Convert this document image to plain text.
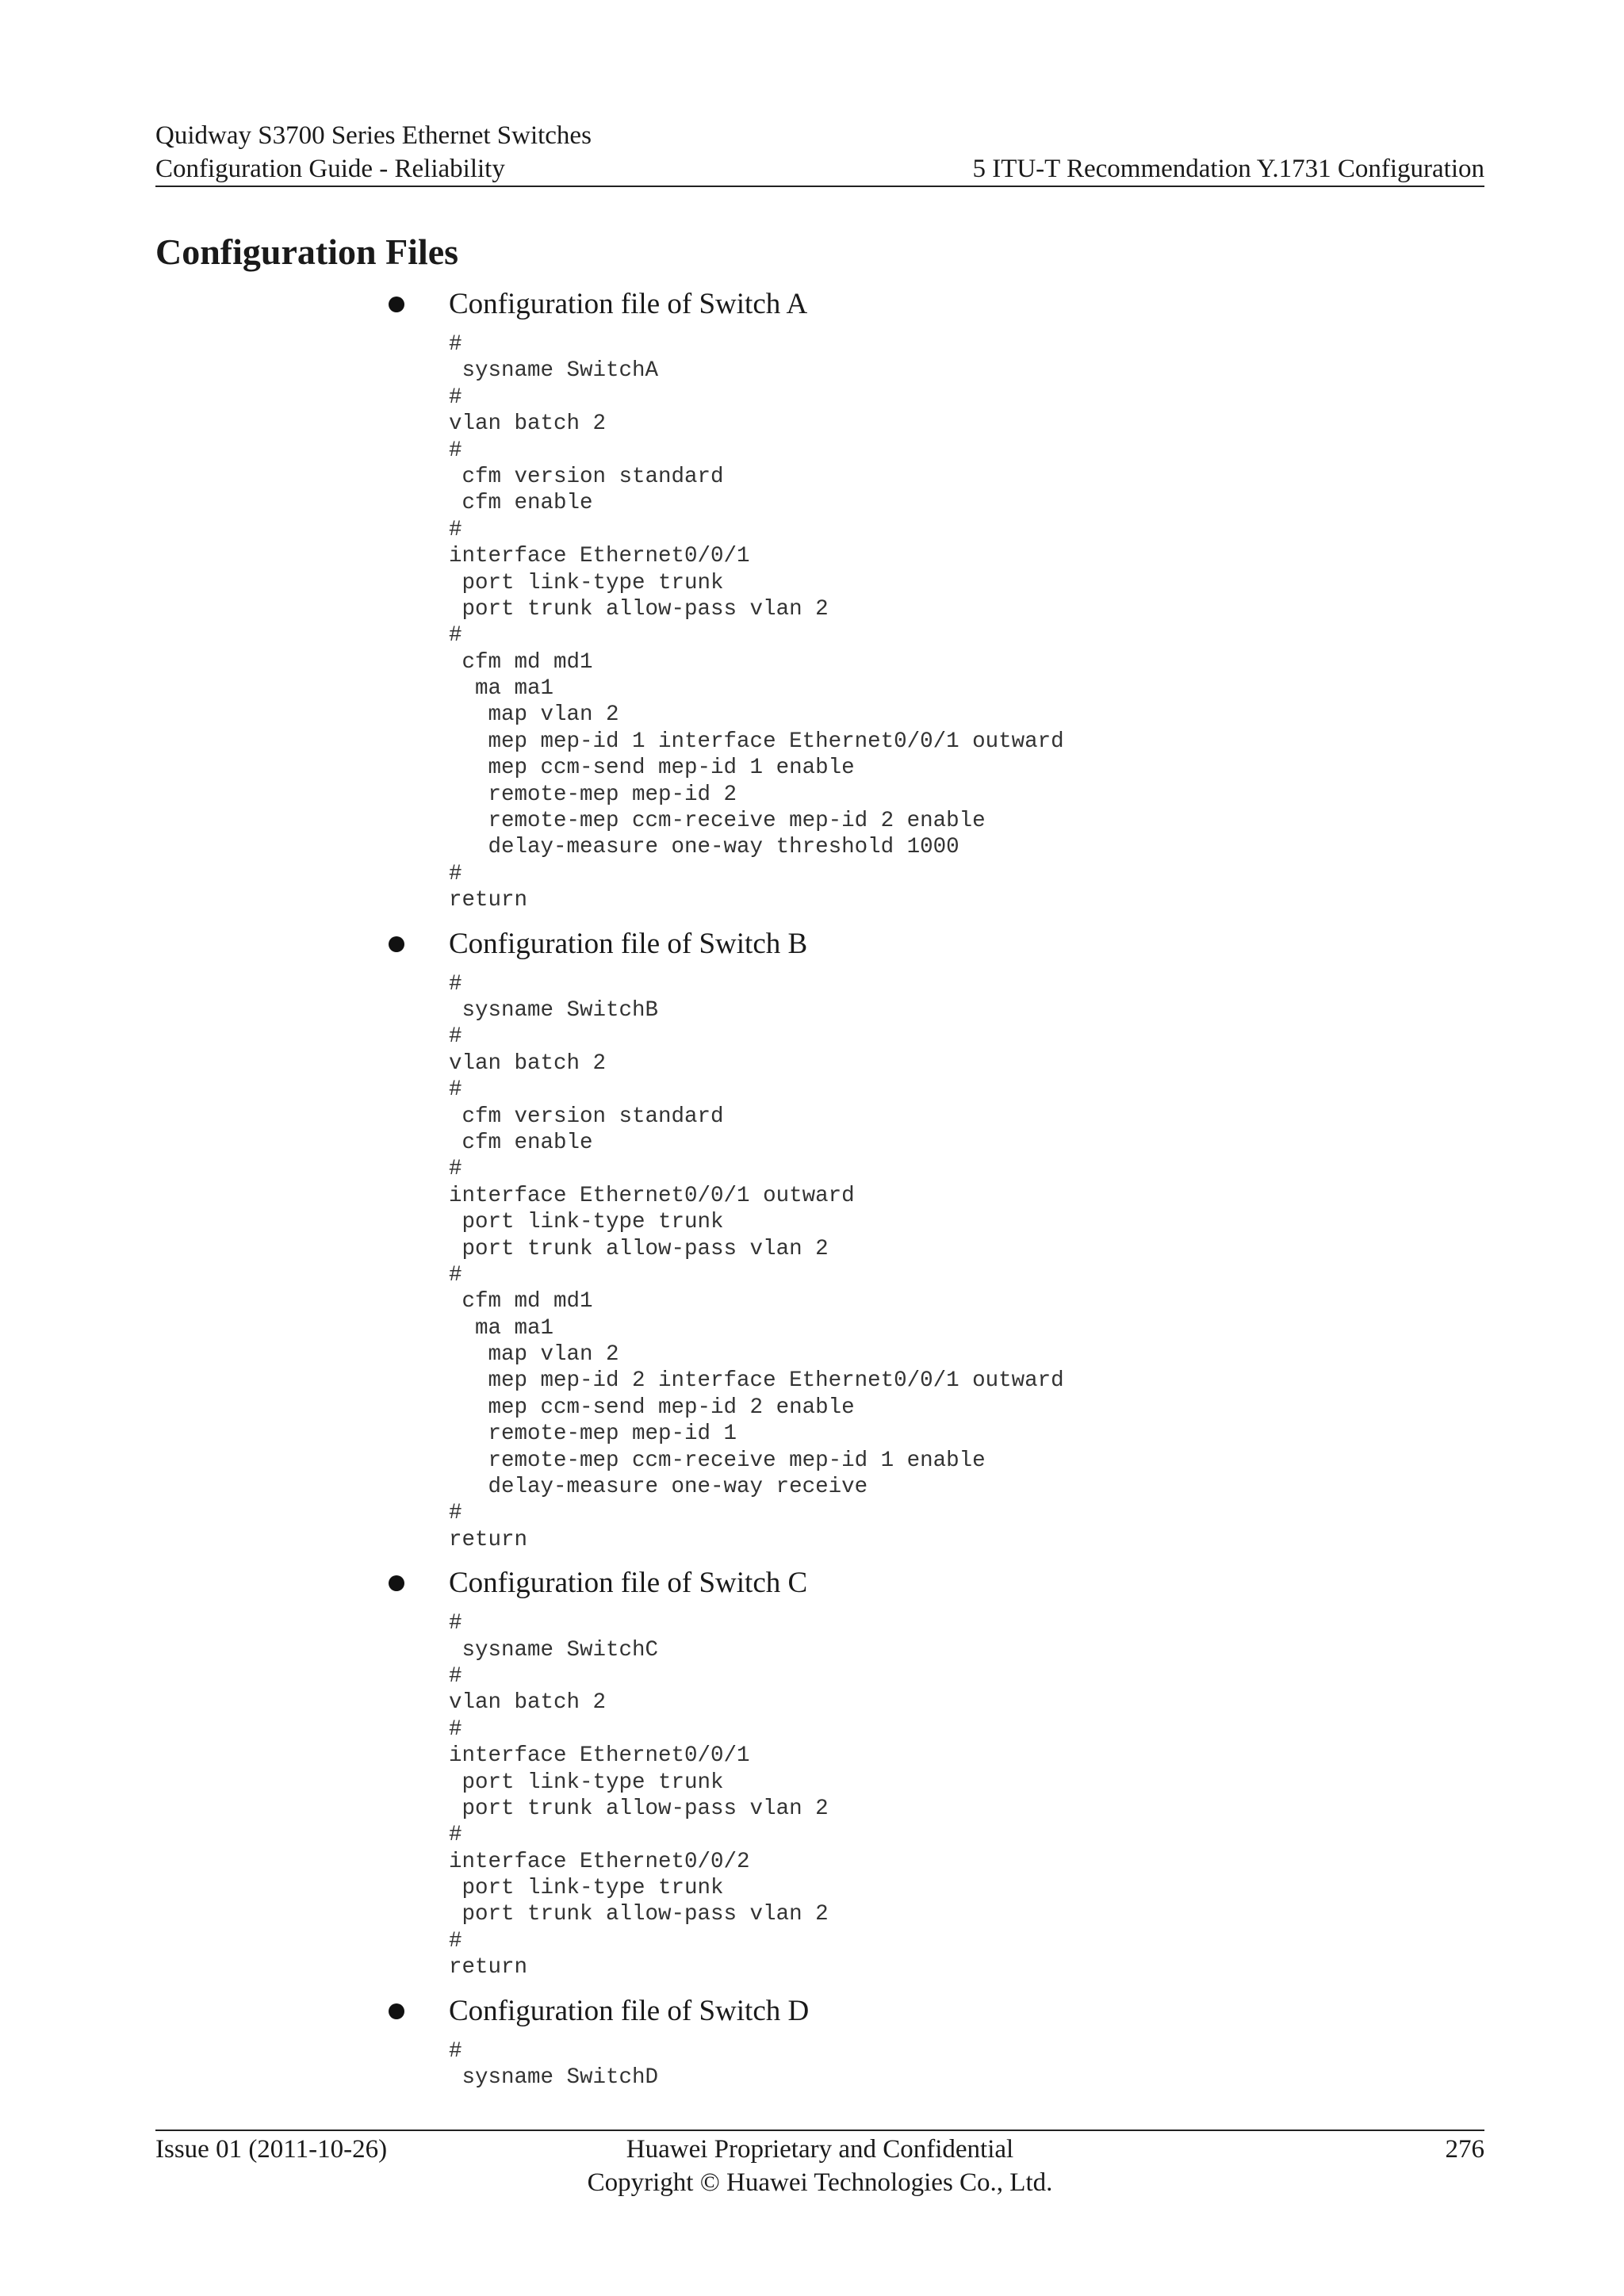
Quidway S3700 Series Ethernet Switches
Configuration Guide - Reliability	5 ITU-T Recommendation Y.1731 Configuration
Configuration Files
Configuration file of Switch A
#
sysname SwitchA
#
vlan batch 2
#
cfm version standard
cfm enable
#
interface Ethernet0/0/1
port link-type trunk
port trunk allow-pass vlan 2
#
cfm md md1
ma ma1
map vlan 2
mep mep-id 1 interface Ethernet0/0/1 outward
mep ccm-send mep-id 1 enable
remote-mep mep-id 2
remote-mep ccm-receive mep-id 2 enable
delay-measure one-way threshold 1000
#
return
Configuration file of Switch B
#
sysname SwitchB
#
vlan batch 2
#
cfm version standard
cfm enable
#
interface Ethernet0/0/1 outward
port link-type trunk
port trunk allow-pass vlan 2
#
cfm md md1
ma ma1
map vlan 2
mep mep-id 2 interface Ethernet0/0/1 outward
mep ccm-send mep-id 2 enable
remote-mep mep-id 1
remote-mep ccm-receive mep-id 1 enable
delay-measure one-way receive
#
return
Configuration file of Switch C
#
sysname SwitchC
#
vlan batch 2
#
interface Ethernet0/0/1
port link-type trunk
port trunk allow-pass vlan 2
#
interface Ethernet0/0/2
port link-type trunk
port trunk allow-pass vlan 2
#
return
Configuration file of Switch D
#
sysname SwitchD
Issue 01 (2011-10-26)	Huawei Proprietary and Confidential
Copyright © Huawei Technologies Co., Ltd.
276
